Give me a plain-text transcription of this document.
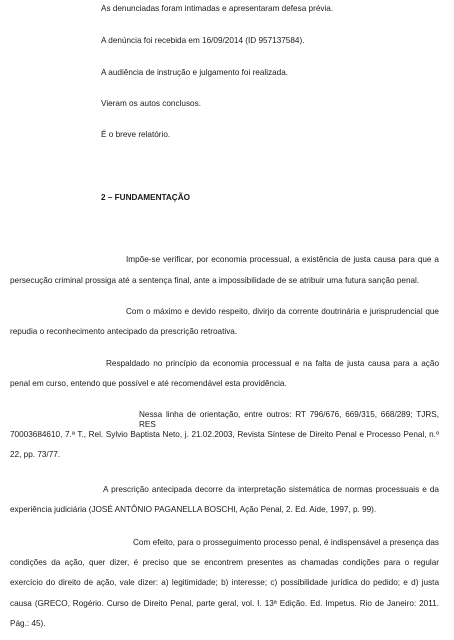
As denunciadas foram intimadas e apresentaram defesa prévia.
A denúncia foi recebida em 16/09/2014 (ID 957137584).
A audiência de instrução e julgamento foi realizada.
Vieram os autos conclusos.
É o breve relatório.
2 – FUNDAMENTAÇÃO
Impõe-se verificar, por economia processual, a existência de justa causa para que a
persecução criminal prossiga até a sentença final, ante a impossibilidade de se atribuir uma futura sanção penal.
Com o máximo e devido respeito, divirjo da corrente doutrinária e jurisprudencial que
repudia o reconhecimento antecipado da prescrição retroativa.
Respaldado no princípio da economia processual e na falta de justa causa para a ação
penal em curso, entendo que possível e até recomendável esta providência.
Nessa linha de orientação, entre outros: RT 796/676, 669/315, 668/289; TJRS, RES
70003684610, 7.ª T., Rel. Sylvio Baptista Neto, j. 21.02.2003, Revista Síntese de Direito Penal e Processo Penal, n.º
22, pp. 73/77.
A prescrição antecipada decorre da interpretação sistemática de normas processuais e da
experiência judiciária (JOSÉ ANTÔNIO PAGANELLA BOSCHI, Ação Penal, 2. Ed. Aide, 1997, p. 99).
Com efeito, para o prosseguimento processo penal, é indispensável a presença das
condições da ação, quer dizer, é preciso que se encontrem presentes as chamadas condições para o regular
exercício do direito de ação, vale dizer: a) legitimidade; b) interesse; c) possibilidade jurídica do pedido; e d) justa
causa (GRECO, Rogério. Curso de Direito Penal, parte geral, vol. I. 13ª Edição. Ed. Impetus. Rio de Janeiro: 2011.
Pág.: 45).
